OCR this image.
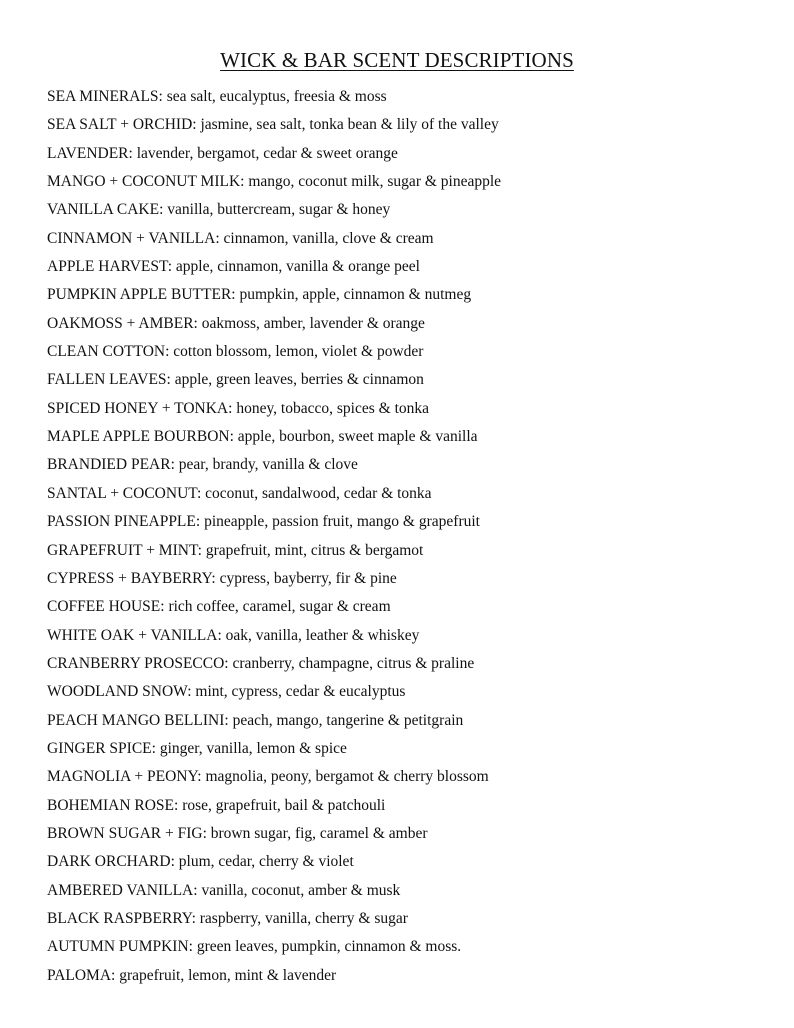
WICK & BAR SCENT DESCRIPTIONS
SEA MINERALS: sea salt, eucalyptus, freesia & moss
SEA SALT + ORCHID: jasmine, sea salt, tonka bean & lily of the valley
LAVENDER: lavender, bergamot, cedar & sweet orange
MANGO + COCONUT MILK: mango, coconut milk, sugar & pineapple
VANILLA CAKE: vanilla, buttercream, sugar & honey
CINNAMON + VANILLA: cinnamon, vanilla, clove & cream
APPLE HARVEST: apple, cinnamon, vanilla & orange peel
PUMPKIN APPLE BUTTER: pumpkin, apple, cinnamon & nutmeg
OAKMOSS + AMBER: oakmoss, amber, lavender & orange
CLEAN COTTON: cotton blossom, lemon, violet & powder
FALLEN LEAVES: apple, green leaves, berries & cinnamon
SPICED HONEY + TONKA: honey, tobacco, spices & tonka
MAPLE APPLE BOURBON: apple, bourbon, sweet maple & vanilla
BRANDIED PEAR: pear, brandy, vanilla & clove
SANTAL + COCONUT: coconut, sandalwood, cedar & tonka
PASSION PINEAPPLE: pineapple, passion fruit, mango & grapefruit
GRAPEFRUIT + MINT: grapefruit, mint, citrus & bergamot
CYPRESS + BAYBERRY: cypress, bayberry, fir & pine
COFFEE HOUSE: rich coffee, caramel, sugar & cream
WHITE OAK + VANILLA: oak, vanilla, leather & whiskey
CRANBERRY PROSECCO: cranberry, champagne, citrus & praline
WOODLAND SNOW: mint, cypress, cedar & eucalyptus
PEACH MANGO BELLINI: peach, mango, tangerine & petitgrain
GINGER SPICE: ginger, vanilla, lemon & spice
MAGNOLIA + PEONY: magnolia, peony, bergamot & cherry blossom
BOHEMIAN ROSE: rose, grapefruit, bail & patchouli
BROWN SUGAR + FIG: brown sugar, fig, caramel & amber
DARK ORCHARD: plum, cedar, cherry & violet
AMBERED VANILLA: vanilla, coconut, amber & musk
BLACK RASPBERRY: raspberry, vanilla, cherry & sugar
AUTUMN PUMPKIN: green leaves, pumpkin, cinnamon & moss.
PALOMA: grapefruit, lemon, mint & lavender
